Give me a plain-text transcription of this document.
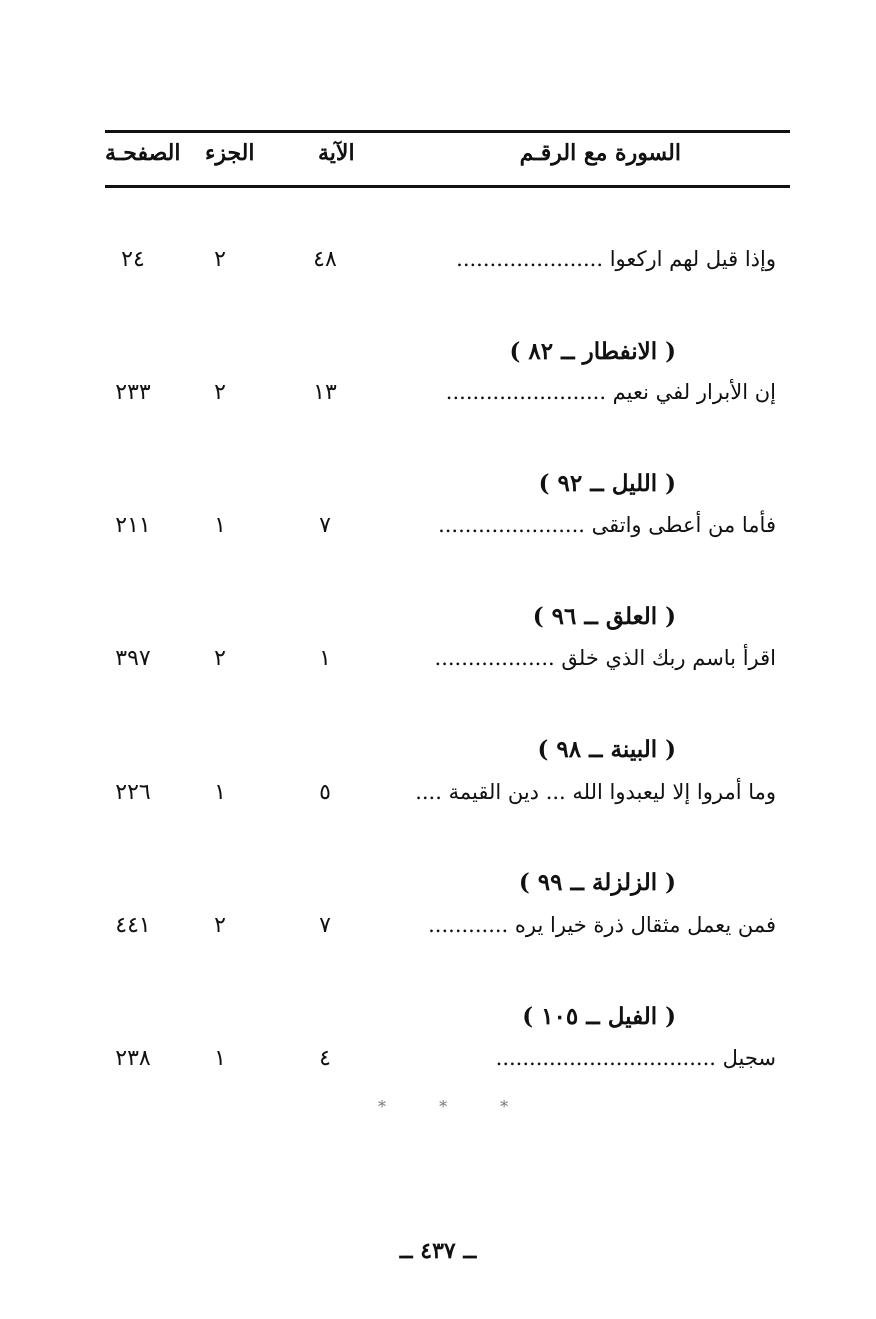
السورة مع الرقـم
الآية
الجزء
الصفحـة
وإذا قيل لهم اركعوا ......................
٤٨
٢
٢٤
( الانفطار ــ ٨٢ )
إن الأبرار لفي نعيم ........................
١٣
٢
٢٣٣
( الليل ــ ٩٢ )
فأما من أعطى واتقى ......................
٧
١
٢١١
( العلق ــ ٩٦ )
اقرأ باسم ربك الذي خلق ..................
١
٢
٣٩٧
( البينة ــ ٩٨ )
وما أمروا إلا ليعبدوا الله ... دين القيمة ....
٥
١
٢٢٦
( الزلزلة ــ ٩٩ )
فمن يعمل مثقال ذرة خيرا يره ............
٧
٢
٤٤١
( الفيل ــ ١٠٥ )
سجيل .................................
٤
١
٢٣٨
* * *
ــ ٤٣٧ ــ
